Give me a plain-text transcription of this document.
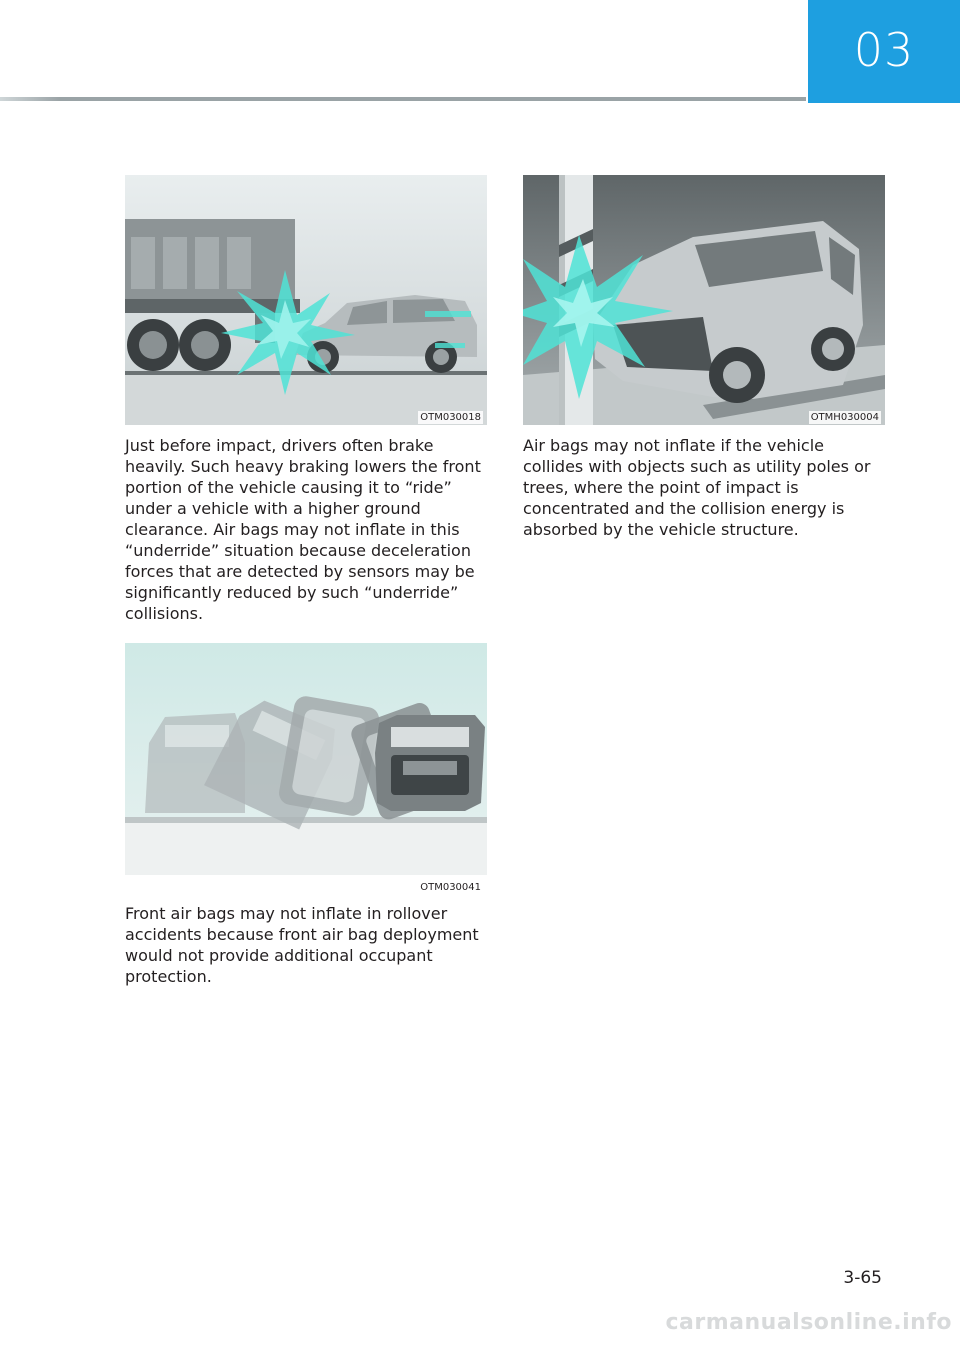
03
OTM030018

Just before impact, drivers often brake heavily. Such heavy braking lowers the front portion of the vehicle causing it to “ride” under a vehicle with a higher ground clearance. Air bags may not inflate in this “underride” situation because deceleration forces that are detected by sensors may be significantly reduced by such “underride” collisions.

OTM030041

Front air bags may not inflate in rollover accidents because front air bag deployment would not provide additional occupant protection.

OTMH030004

Air bags may not inflate if the vehicle collides with objects such as utility poles or trees, where the point of impact is concentrated and the collision energy is absorbed by the vehicle structure.

3-65
carmanualsonline.info
